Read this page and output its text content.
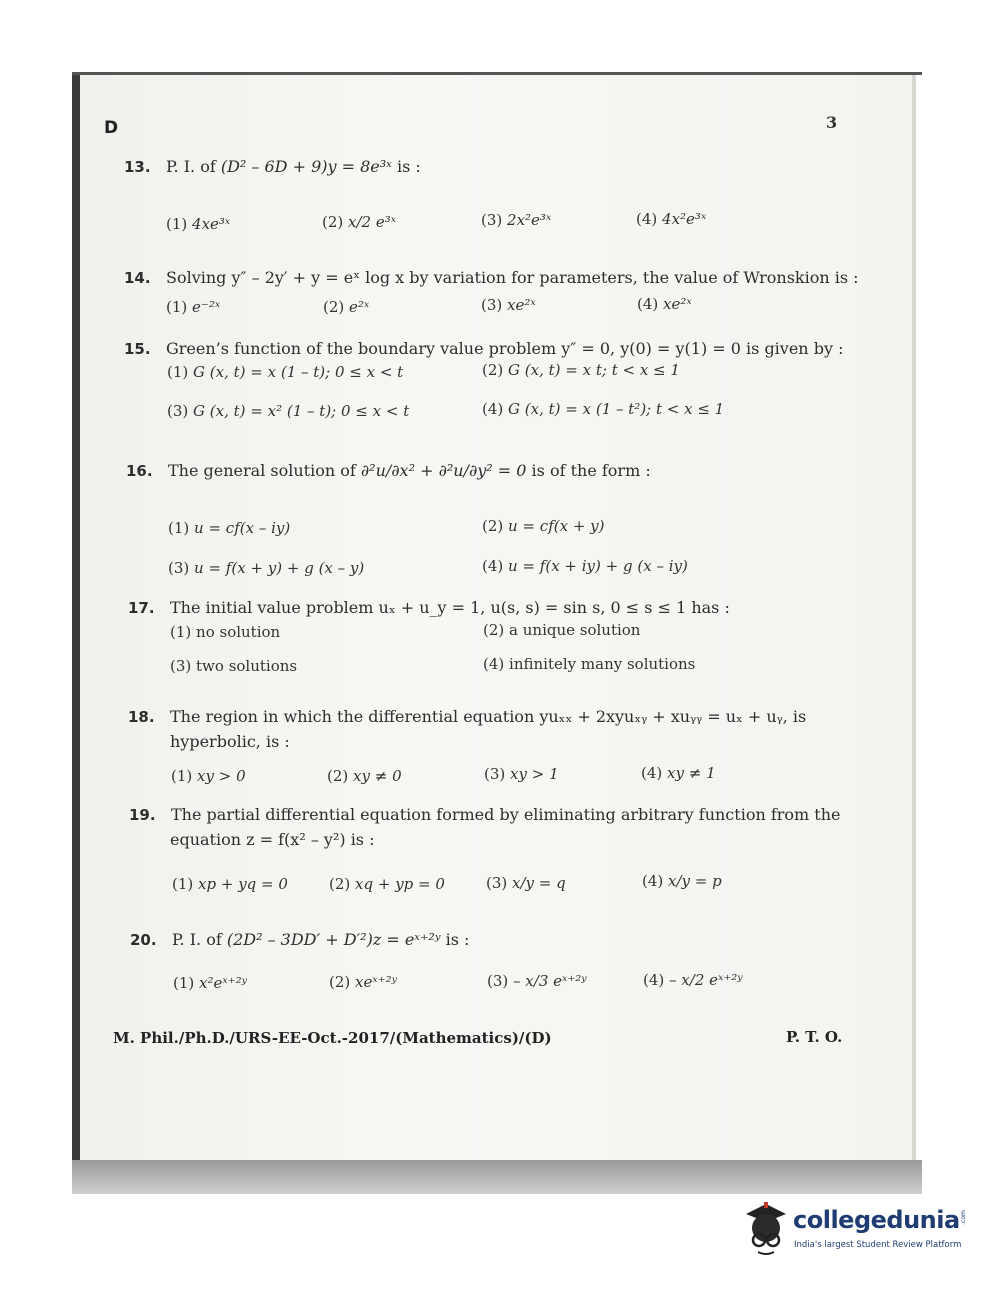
D	3
13. P. I. of (D² – 6D + 9)y = 8e³ˣ is :
(1) 4xe³ˣ	(2) x/2 e³ˣ	(3) 2x²e³ˣ	(4) 4x²e³ˣ
14. Solving y″ – 2y′ + y = eˣ log x by variation for parameters, the value of Wronskion is :
(1) e⁻²ˣ	(2) e²ˣ	(3) xe²ˣ	(4) xe²ˣ
15. Green’s function of the boundary value problem y″ = 0, y(0) = y(1) = 0 is given by :
(1) G (x, t) = x (1 – t); 0 ≤ x < t	(2) G (x, t) = x t; t < x ≤ 1
(3) G (x, t) = x² (1 – t); 0 ≤ x < t	(4) G (x, t) = x (1 – t²); t < x ≤ 1
16. The general solution of ∂²u/∂x² + ∂²u/∂y² = 0 is of the form :
(1) u = cf(x – iy)	(2) u = cf(x + y)
(3) u = f(x + y) + g (x – y)	(4) u = f(x + iy) + g (x – iy)
17. The initial value problem uₓ + u_y = 1, u(s, s) = sin s, 0 ≤ s ≤ 1 has :
(1) no solution	(2) a unique solution
(3) two solutions	(4) infinitely many solutions
18. The region in which the differential equation yuₓₓ + 2xyuₓᵧ + xuᵧᵧ = uₓ + uᵧ, is
hyperbolic, is :
(1) xy > 0	(2) xy ≠ 0	(3) xy > 1	(4) xy ≠ 1
19. The partial differential equation formed by eliminating arbitrary function from the
equation z = f(x² – y²) is :
(1) xp + yq = 0	(2) xq + yp = 0	(3) x/y = q	(4) x/y = p
20. P. I. of (2D² – 3DD′ + D′²)z = eˣ⁺²ʸ is :
(1) x²eˣ⁺²ʸ	(2) xeˣ⁺²ʸ	(3) – x/3 eˣ⁺²ʸ	(4) – x/2 eˣ⁺²ʸ
M. Phil./Ph.D./URS-EE-Oct.-2017/(Mathematics)/(D)	P. T. O.
collegedunia .com
India's largest Student Review Platform
